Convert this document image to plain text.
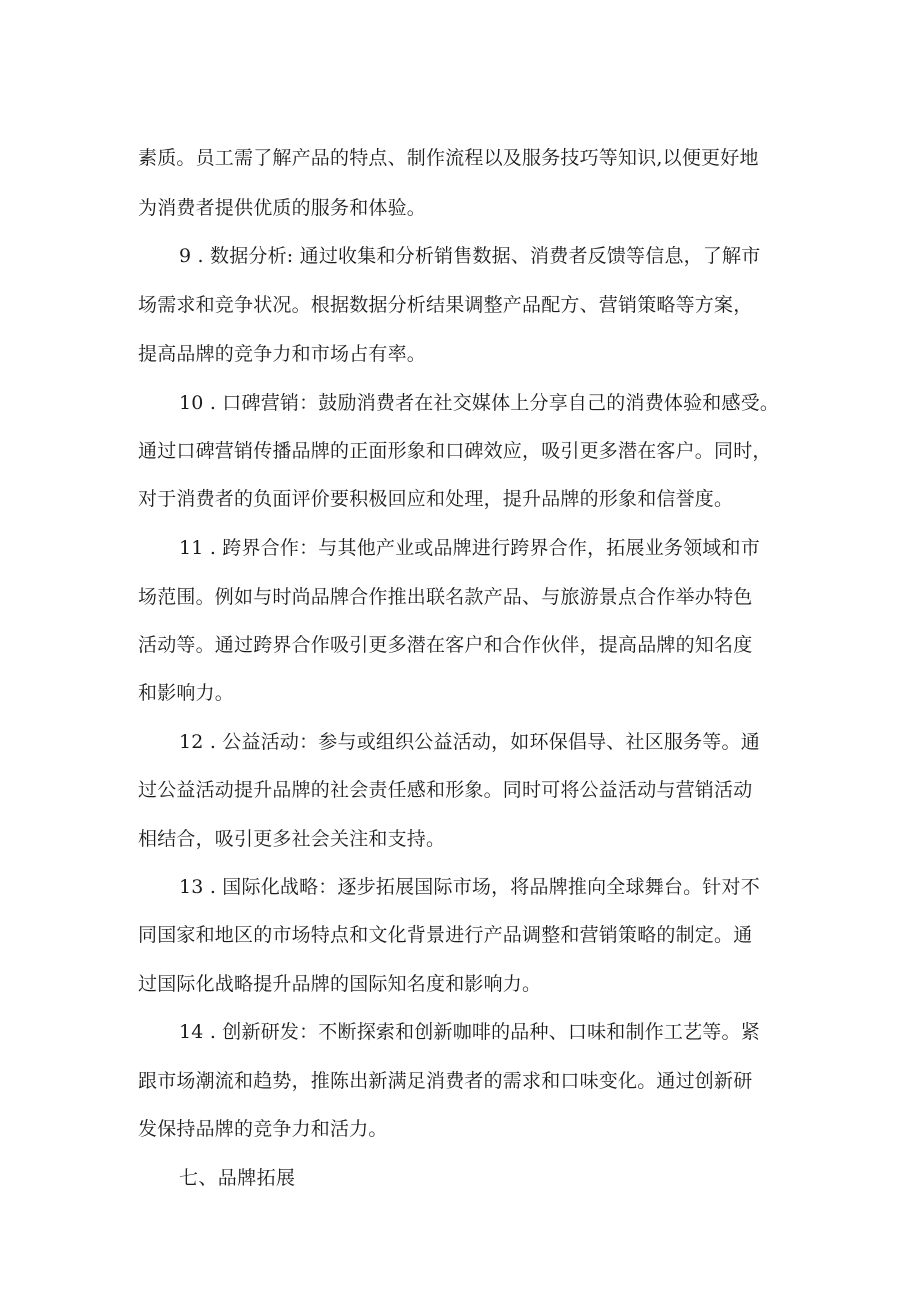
素质。员工需了解产品的特点、制作流程以及服务技巧等知识,以便更好地
为消费者提供优质的服务和体验。
9 . 数据分析: 通过收集和分析销售数据、消费者反馈等信息，了解市
场需求和竞争状况。根据数据分析结果调整产品配方、营销策略等方案，
提高品牌的竞争力和市场占有率。
10 . 口碑营销：鼓励消费者在社交媒体上分享自己的消费体验和感受。
通过口碑营销传播品牌的正面形象和口碑效应，吸引更多潜在客户。同时，
对于消费者的负面评价要积极回应和处理，提升品牌的形象和信誉度。
11 . 跨界合作：与其他产业或品牌进行跨界合作，拓展业务领域和市
场范围。例如与时尚品牌合作推出联名款产品、与旅游景点合作举办特色
活动等。通过跨界合作吸引更多潜在客户和合作伙伴，提高品牌的知名度
和影响力。
12 . 公益活动：参与或组织公益活动，如环保倡导、社区服务等。通
过公益活动提升品牌的社会责任感和形象。同时可将公益活动与营销活动
相结合，吸引更多社会关注和支持。
13 . 国际化战略：逐步拓展国际市场，将品牌推向全球舞台。针对不
同国家和地区的市场特点和文化背景进行产品调整和营销策略的制定。通
过国际化战略提升品牌的国际知名度和影响力。
14 . 创新研发：不断探索和创新咖啡的品种、口味和制作工艺等。紧
跟市场潮流和趋势，推陈出新满足消费者的需求和口味变化。通过创新研
发保持品牌的竞争力和活力。
七、品牌拓展
